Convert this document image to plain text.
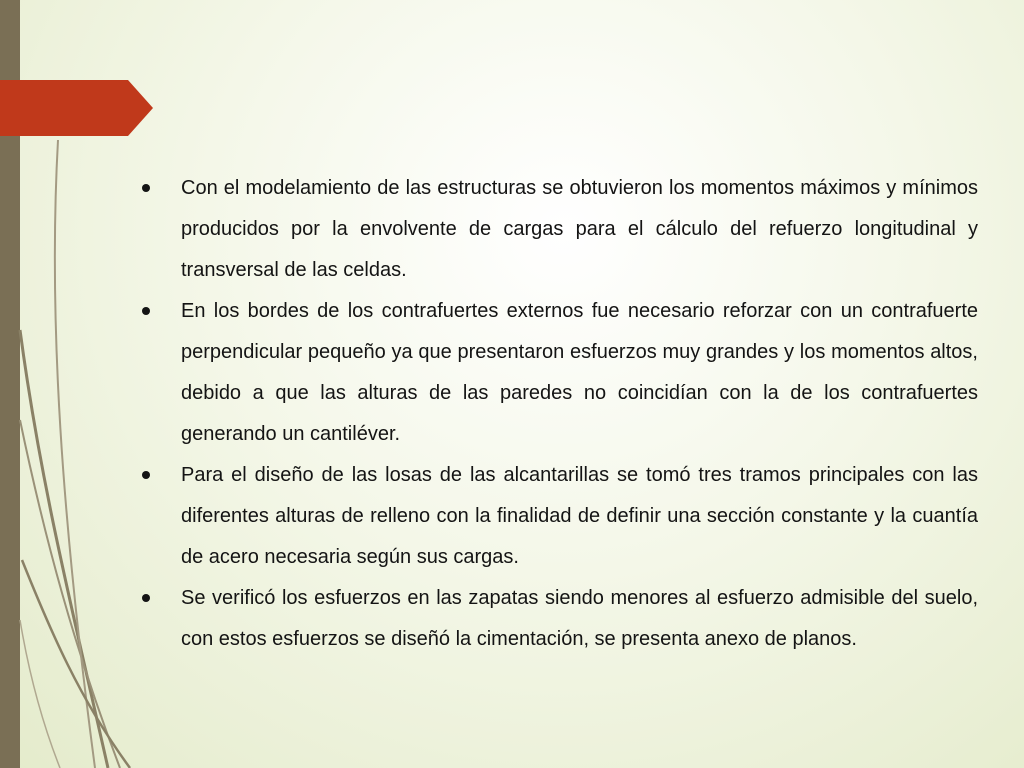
Con el modelamiento de las estructuras se obtuvieron los momentos máximos y mínimos producidos por la envolvente de cargas para el cálculo del refuerzo longitudinal y transversal de las celdas.
En los bordes de los contrafuertes externos fue necesario reforzar con un contrafuerte perpendicular pequeño ya que presentaron esfuerzos muy grandes y los momentos altos, debido a que las alturas de las paredes no coincidían con la de los contrafuertes generando un cantiléver.
Para el diseño de las losas de las alcantarillas se tomó tres tramos principales con las diferentes alturas de relleno con la finalidad de definir una sección constante y la cuantía de acero necesaria según sus cargas.
Se verificó los esfuerzos en las zapatas siendo menores al esfuerzo admisible del suelo, con estos esfuerzos se diseñó la cimentación, se presenta anexo de planos.
